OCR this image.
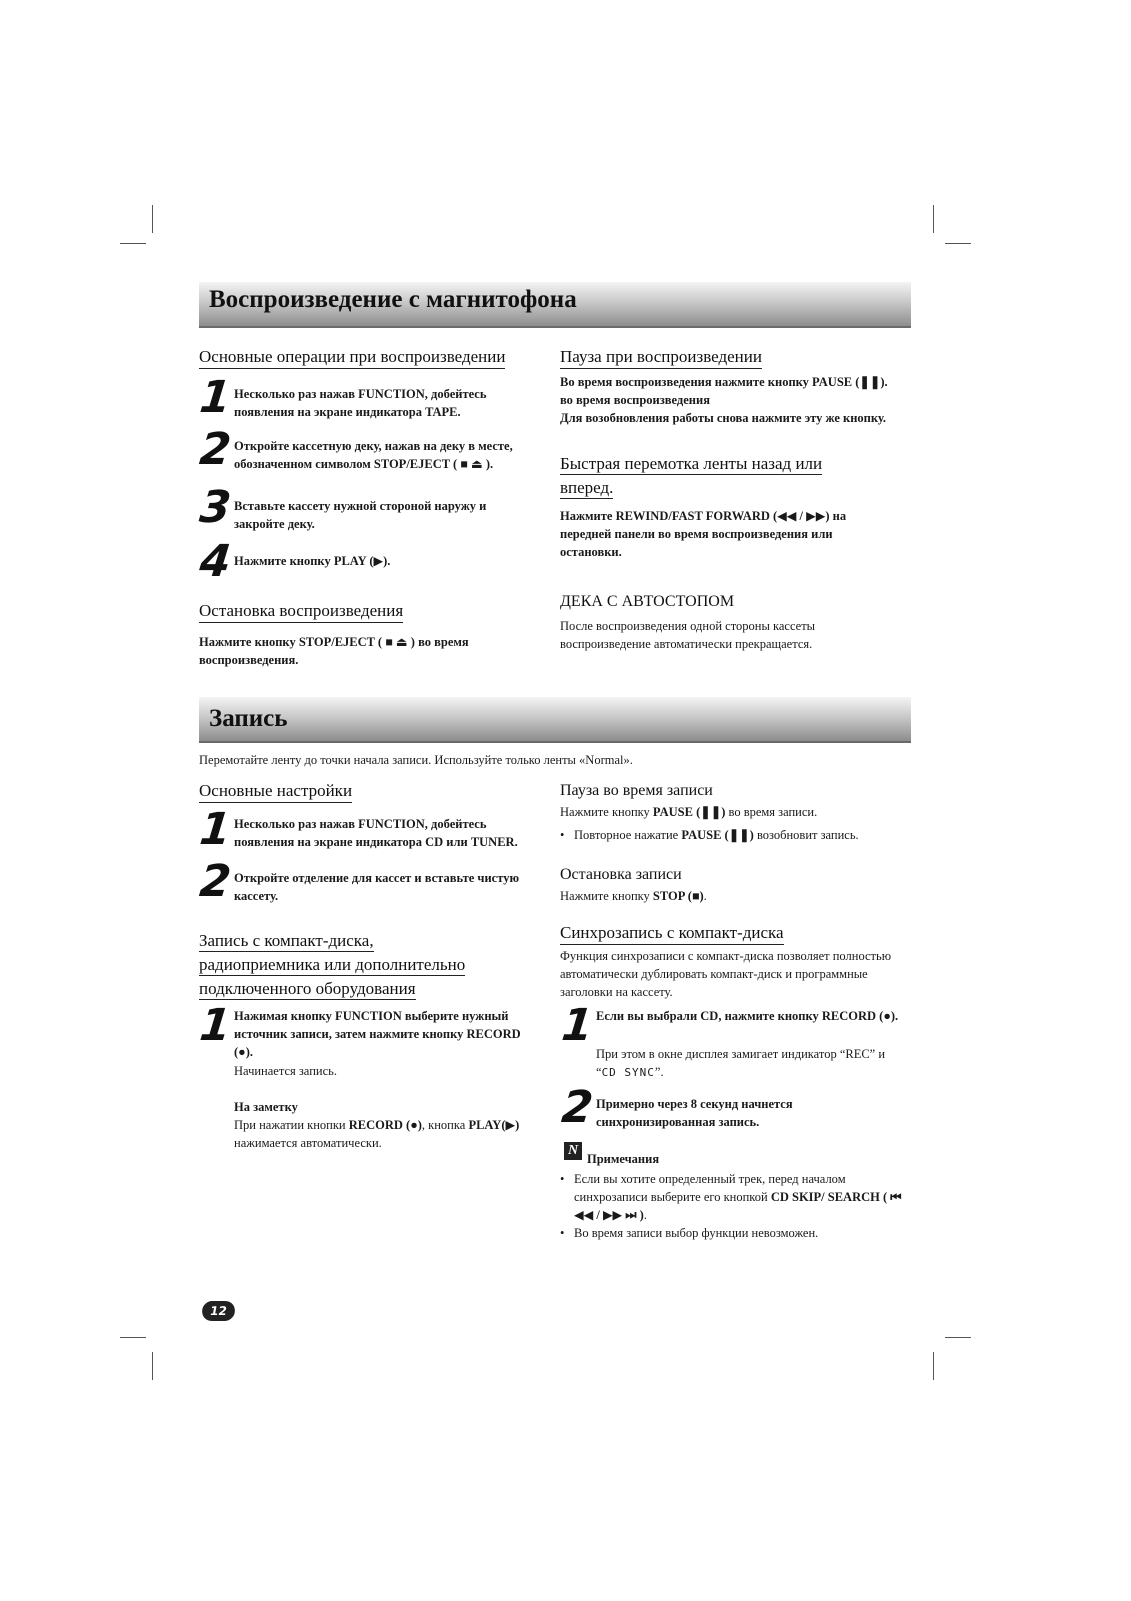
Воспроизведение с магнитофона
Основные операции при воспроизведении
1 Несколько раз нажав FUNCTION, добейтесь появления на экране индикатора TAPE.
2 Откройте кассетную деку, нажав на деку в месте, обозначенном символом STOP/EJECT ( ■ ⏏ ).
3 Вставьте кассету нужной стороной наружу и закройте деку.
4 Нажмите кнопку PLAY (▶).
Остановка воспроизведения
Нажмите кнопку STOP/EJECT ( ■ ⏏ ) во время воспроизведения.
Пауза при воспроизведении
Во время воспроизведения нажмите кнопку PAUSE (❚❚).
во время воспроизведения
Для возобновления работы снова нажмите эту же кнопку.
Быстрая перемотка ленты назад или
вперед.
Нажмите REWIND/FAST FORWARD (◀◀ / ▶▶) на передней панели во время воспроизведения или остановки.
ДЕКА С АВТОСТОПОМ
После воспроизведения одной стороны кассеты воспроизведение автоматически прекращается.
Запись
Перемотайте ленту до точки начала записи. Используйте только ленты «Normal».
Основные настройки
1 Несколько раз нажав FUNCTION, добейтесь появления на экране индикатора CD или TUNER.
2 Откройте отделение для кассет и вставьте чистую кассету.
Запись с компакт-диска,
радиоприемника или дополнительно
подключенного оборудования
1 Нажимая кнопку FUNCTION выберите нужный источник записи, затем нажмите кнопку RECORD (●).
Начинается запись.
На заметку
При нажатии кнопки RECORD (●), кнопка PLAY(▶) нажимается автоматически.
Пауза во время записи
Нажмите кнопку PAUSE (❚❚) во время записи.
• Повторное нажатие PAUSE (❚❚) возобновит запись.
Остановка записи
Нажмите кнопку STOP (■).
Синхрозапись с компакт-диска
Функция синхрозаписи с компакт-диска позволяет полностью автоматически дублировать компакт-диск и программные заголовки на кассету.
1 Если вы выбрали CD, нажмите кнопку RECORD (●).
При этом в окне дисплея замигает индикатор “REC” и “CD SYNC”.
2 Примерно через 8 секунд начнется синхронизированная запись.
N
Примечания
• Если вы хотите определенный трек, перед началом синхрозаписи выберите его кнопкой CD SKIP/ SEARCH ( ⏮ ◀◀ / ▶▶ ⏭ ).
• Во время записи выбор функции невозможен.
12
